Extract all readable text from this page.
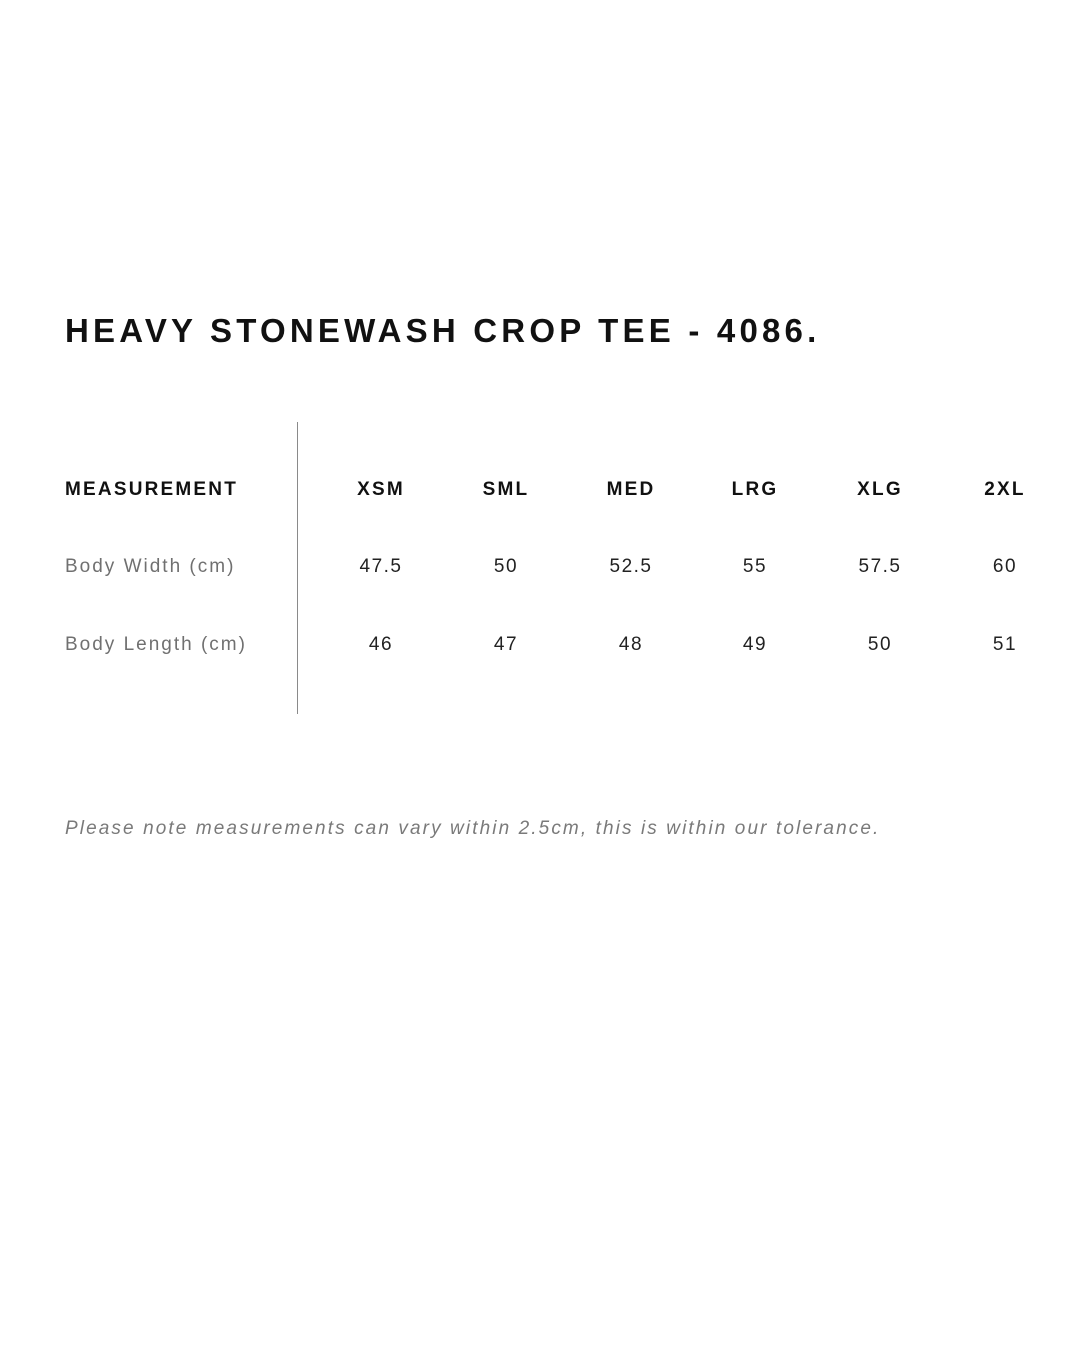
HEAVY STONEWASH CROP TEE - 4086.
MEASUREMENT	XSM	SML	MED	LRG	XLG	2XL
Body Width (cm)	47.5	50	52.5	55	57.5	60
Body Length (cm)	46	47	48	49	50	51

Please note measurements can vary within 2.5cm, this is within our tolerance.
